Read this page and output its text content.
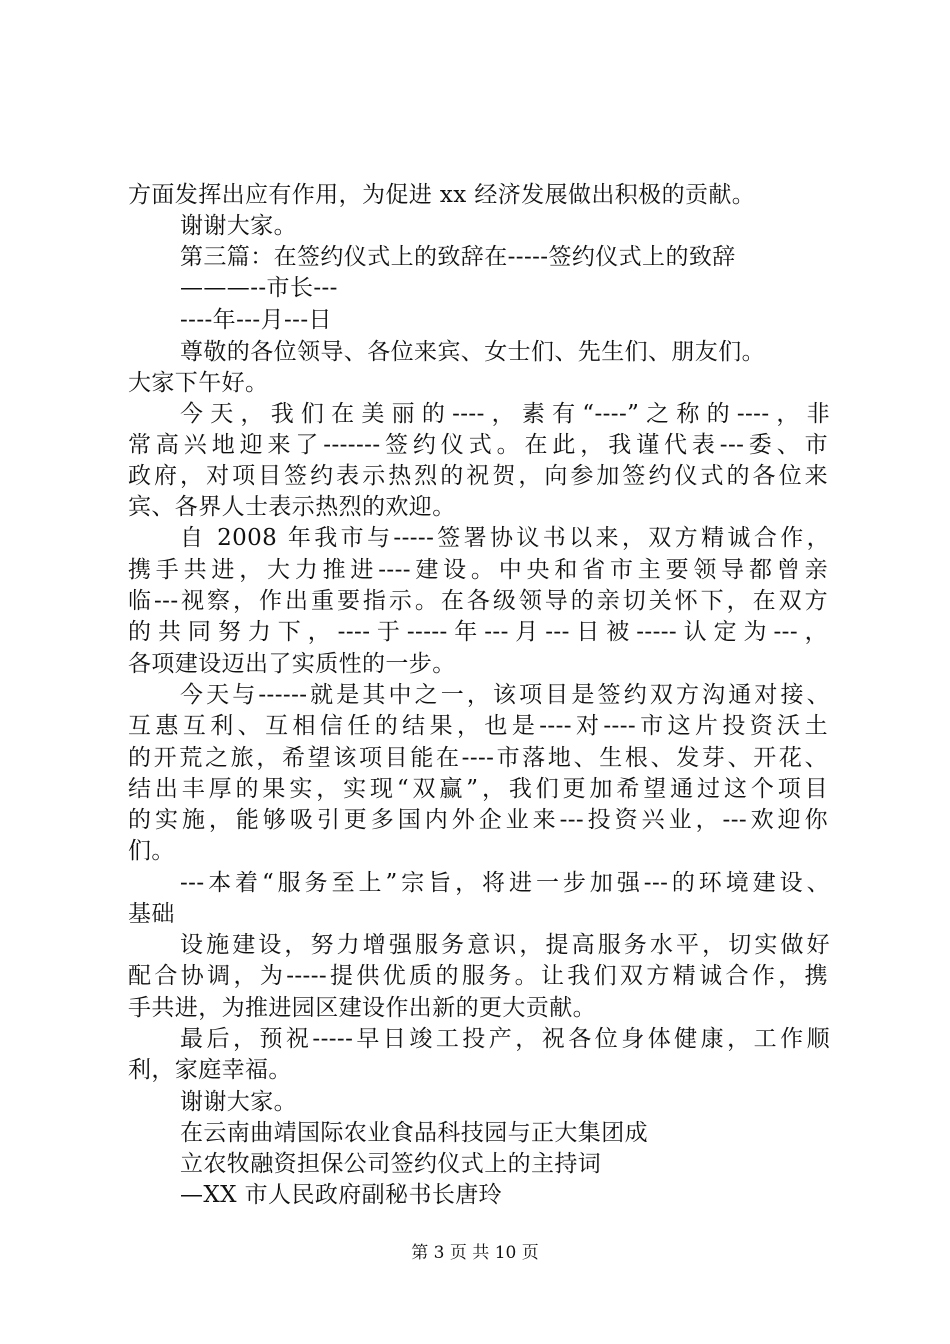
方面发挥出应有作用，为促进 xx 经济发展做出积极的贡献。
谢谢大家。
第三篇：在签约仪式上的致辞在-----签约仪式上的致辞
———--市长---
----年---月---日
尊敬的各位领导、各位来宾、女士们、先生们、朋友们。
大家下午好。
今天，我们在美丽的----，素有“----”之称的----，非
常高兴地迎来了-------签约仪式。在此，我谨代表---委、市
政府，对项目签约表示热烈的祝贺，向参加签约仪式的各位来
宾、各界人士表示热烈的欢迎。
自 2008 年我市与-----签署协议书以来，双方精诚合作，
携手共进，大力推进----建设。中央和省市主要领导都曾亲
临---视察，作出重要指示。在各级领导的亲切关怀下，在双方
的共同努力下，----于-----年---月---日被-----认定为---，
各项建设迈出了实质性的一步。
今天与------就是其中之一，该项目是签约双方沟通对接、
互惠互利、互相信任的结果，也是----对----市这片投资沃土
的开荒之旅，希望该项目能在----市落地、生根、发芽、开花、
结出丰厚的果实，实现“双赢”，我们更加希望通过这个项目
的实施，能够吸引更多国内外企业来---投资兴业，---欢迎你
们。
---本着“服务至上”宗旨，将进一步加强---的环境建设、
基础
设施建设，努力增强服务意识，提高服务水平，切实做好
配合协调，为-----提供优质的服务。让我们双方精诚合作，携
手共进，为推进园区建设作出新的更大贡献。
最后，预祝-----早日竣工投产，祝各位身体健康，工作顺
利，家庭幸福。
谢谢大家。
在云南曲靖国际农业食品科技园与正大集团成
立农牧融资担保公司签约仪式上的主持词
—XX 市人民政府副秘书长唐玲
第 3 页 共 10 页
